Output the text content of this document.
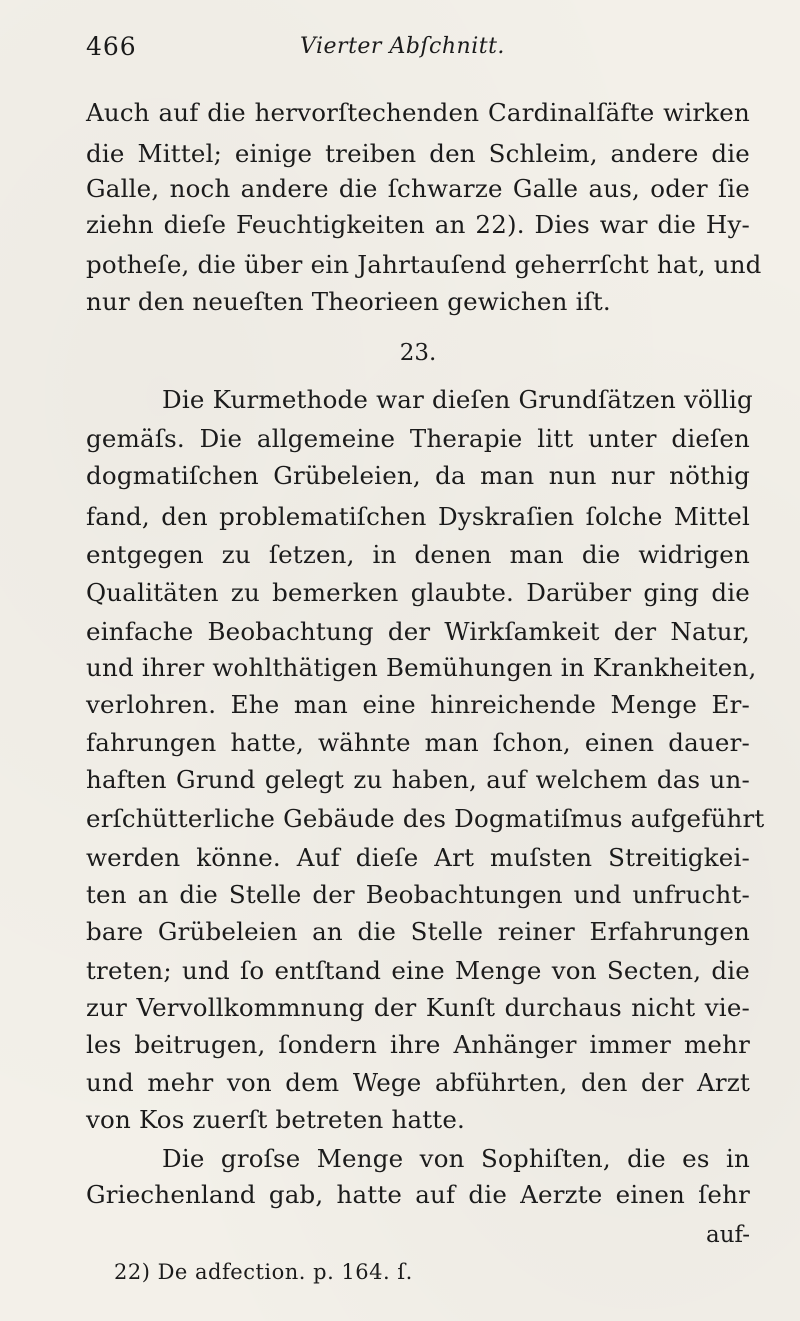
466	Vierter Abſchnitt.
Auch auf die hervorſtechenden Cardinalſäfte wirken
die Mittel; einige treiben den Schleim, andere die
Galle, noch andere die ſchwarze Galle aus, oder ſie
ziehn dieſe Feuchtigkeiten an 22). Dies war die Hy-
potheſe, die über ein Jahrtauſend geherrſcht hat, und
nur den neueſten Theorieen gewichen iſt.
23.
Die Kurmethode war dieſen Grundſätzen völlig
gemäſs. Die allgemeine Therapie litt unter dieſen
dogmatiſchen Grübeleien, da man nun nur nöthig
fand, den problematiſchen Dyskraſien ſolche Mittel
entgegen zu ſetzen, in denen man die widrigen
Qualitäten zu bemerken glaubte. Darüber ging die
einfache Beobachtung der Wirkſamkeit der Natur,
und ihrer wohlthätigen Bemühungen in Krankheiten,
verlohren. Ehe man eine hinreichende Menge Er-
fahrungen hatte, wähnte man ſchon, einen dauer-
haften Grund gelegt zu haben, auf welchem das un-
erſchütterliche Gebäude des Dogmatiſmus aufgeführt
werden könne. Auf dieſe Art muſsten Streitigkei-
ten an die Stelle der Beobachtungen und unfrucht-
bare Grübeleien an die Stelle reiner Erfahrungen
treten; und ſo entſtand eine Menge von Secten, die
zur Vervollkommnung der Kunſt durchaus nicht vie-
les beitrugen, ſondern ihre Anhänger immer mehr
und mehr von dem Wege abführten, den der Arzt
von Kos zuerſt betreten hatte.
Die groſse Menge von Sophiſten, die es in
Griechenland gab, hatte auf die Aerzte einen ſehr
auf-
22) De adfection. p. 164. ſ.
